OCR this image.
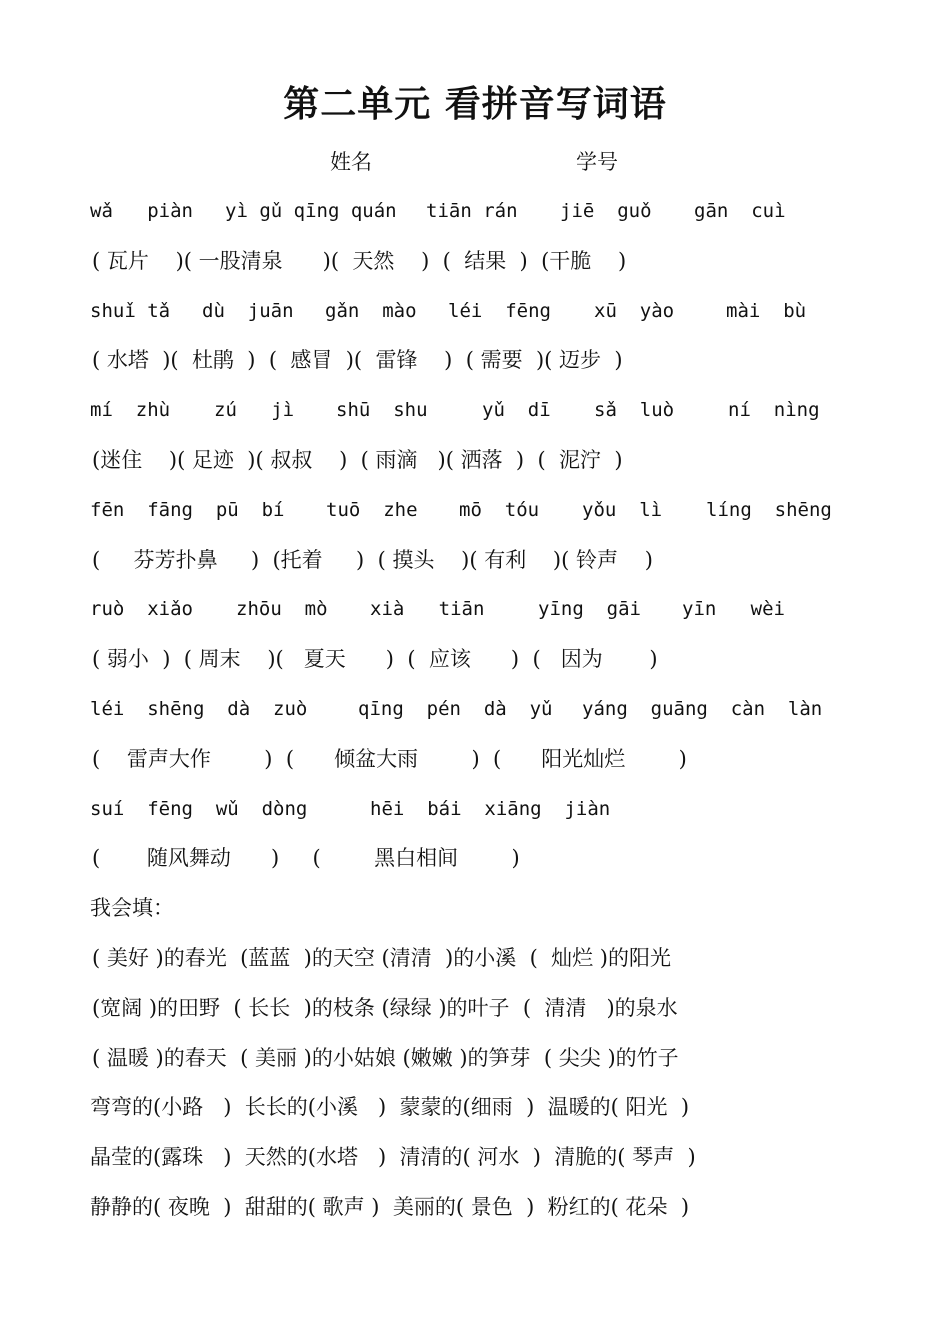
第二单元 看拼音写词语
姓名	学号
wǎ   piàn yì gǔ qīng quán tiān rán jiē  guǒ gān  cuì
( 瓦片    )( 一股清泉      )(  天然    )  (  结果  )  (干脆    )
shuǐ tǎ dù  juān gǎn  mào léi  fēng xū  yào	mài  bù
( 水塔  )(  杜鹃  )  (  感冒  )(  雷锋    )  ( 需要  )( 迈步  )
mí  zhù zú   jì shū  shu	yǔ  dī sǎ  luò	ní  nìng
(迷住    )( 足迹  )( 叔叔    )  ( 雨滴   )( 洒落  )  (  泥泞  )
fēn  fāng  pū  bí tuō  zhe mō  tóu yǒu  lì líng  shēng
(     芬芳扑鼻     )  (托着     )  ( 摸头    )( 有利    )( 铃声    )
ruò  xiǎo zhōu  mò xià   tiān	yīng  gāi yīn   wèi
( 弱小  )  ( 周末    )(   夏天      )  (  应该      )  (   因为       )
léi  shēng  dà  zuò	qīng  pén  dà  yǔ yáng  guāng  càn  làn
(    雷声大作        )  (      倾盆大雨        )  (      阳光灿烂        )
suí  fēng  wǔ  dòng	hēi  bái  xiāng  jiàn
(       随风舞动      )     (        黑白相间        )
我会填：
( 美好 )的春光  (蓝蓝  )的天空 (清清  )的小溪  (  灿烂 )的阳光
(宽阔 )的田野  ( 长长  )的枝条 (绿绿 )的叶子  (  清清   )的泉水
( 温暖 )的春天  ( 美丽 )的小姑娘 (嫩嫩 )的笋芽  ( 尖尖 )的竹子
弯弯的(小路   )  长长的(小溪   )  蒙蒙的(细雨  )  温暖的( 阳光  )
晶莹的(露珠   )  天然的(水塔   )  清清的( 河水  )  清脆的( 琴声  )
静静的( 夜晚  )  甜甜的( 歌声 )  美丽的( 景色  )  粉红的( 花朵  )
